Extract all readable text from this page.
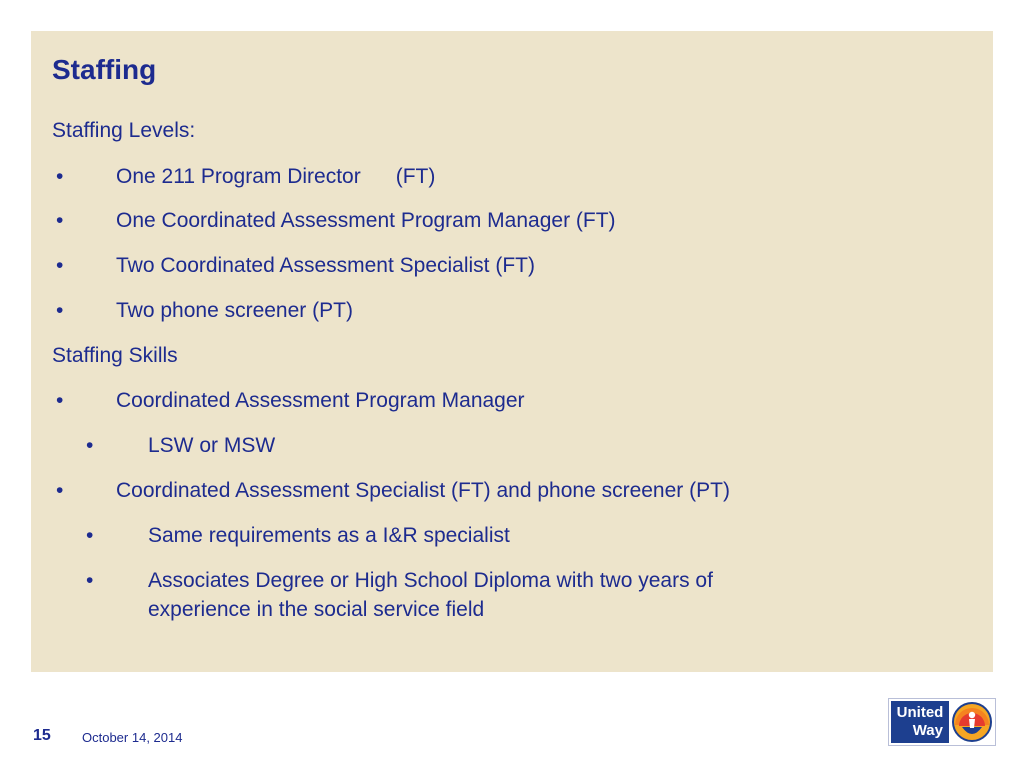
Staffing
Staffing Levels:
•	One 211 Program Director      (FT)
•	One Coordinated Assessment Program Manager (FT)
•	Two Coordinated Assessment Specialist (FT)
•	Two phone screener (PT)
Staffing Skills
•	Coordinated Assessment Program Manager
•	LSW or MSW
•	Coordinated Assessment Specialist (FT) and phone screener (PT)
•	Same requirements as a I&R specialist
•	Associates Degree or High School Diploma with two years of
experience in the social service field
15 October 14, 2014
United
Way
